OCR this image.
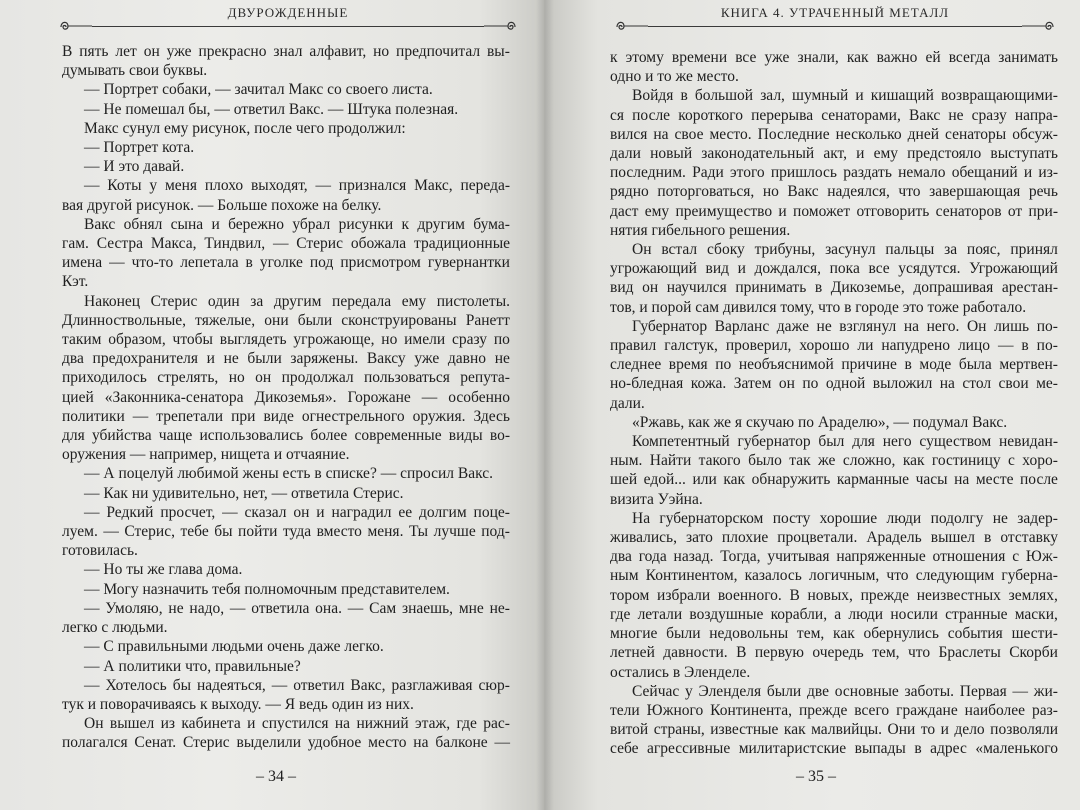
ДВУРОЖДЕННЫЕ
В пять лет он уже прекрасно знал алфавит, но предпочитал вы-
думывать свои буквы.
— Портрет собаки, — зачитал Макс со своего листа.
— Не помешал бы, — ответил Вакс. — Штука полезная.
Макс сунул ему рисунок, после чего продолжил:
— Портрет кота.
— И это давай.
— Коты у меня плохо выходят, — признался Макс, переда-
вая другой рисунок. — Больше похоже на белку.
Вакс обнял сына и бережно убрал рисунки к другим бума-
гам. Сестра Макса, Тиндвил, — Стерис обожала традиционные
имена — что-то лепетала в уголке под присмотром гувернантки
Кэт.
Наконец Стерис один за другим передала ему пистолеты.
Длинноствольные, тяжелые, они были сконструированы Ранетт
таким образом, чтобы выглядеть угрожающе, но имели сразу по
два предохранителя и не были заряжены. Ваксу уже давно не
приходилось стрелять, но он продолжал пользоваться репута-
цией «Законника-сенатора Дикоземья». Горожане — особенно
политики — трепетали при виде огнестрельного оружия. Здесь
для убийства чаще использовались более современные виды во-
оружения — например, нищета и отчаяние.
— А поцелуй любимой жены есть в списке? — спросил Вакс.
— Как ни удивительно, нет, — ответила Стерис.
— Редкий просчет, — сказал он и наградил ее долгим поце-
луем. — Стерис, тебе бы пойти туда вместо меня. Ты лучше под-
готовилась.
— Но ты же глава дома.
— Могу назначить тебя полномочным представителем.
— Умоляю, не надо, — ответила она. — Сам знаешь, мне не-
легко с людьми.
— С правильными людьми очень даже легко.
— А политики что, правильные?
— Хотелось бы надеяться, — ответил Вакс, разглаживая сюр-
тук и поворачиваясь к выходу. — Я ведь один из них.
Он вышел из кабинета и спустился на нижний этаж, где рас-
полагался Сенат. Стерис выделили удобное место на балконе —
– 34 –
КНИГА 4. УТРАЧЕННЫЙ МЕТАЛЛ
к этому времени все уже знали, как важно ей всегда занимать
одно и то же место.
Войдя в большой зал, шумный и кишащий возвращающими-
ся после короткого перерыва сенаторами, Вакс не сразу напра-
вился на свое место. Последние несколько дней сенаторы обсуж-
дали новый законодательный акт, и ему предстояло выступать
последним. Ради этого пришлось раздать немало обещаний и из-
рядно поторговаться, но Вакс надеялся, что завершающая речь
даст ему преимущество и поможет отговорить сенаторов от при-
нятия гибельного решения.
Он встал сбоку трибуны, засунул пальцы за пояс, принял
угрожающий вид и дождался, пока все усядутся. Угрожающий
вид он научился принимать в Дикоземье, допрашивая арестан-
тов, и порой сам дивился тому, что в городе это тоже работало.
Губернатор Варланс даже не взглянул на него. Он лишь по-
правил галстук, проверил, хорошо ли напудрено лицо — в по-
следнее время по необъяснимой причине в моде была мертвен-
но-бледная кожа. Затем он по одной выложил на стол свои ме-
дали.
«Ржавь, как же я скучаю по Араделю», — подумал Вакс.
Компетентный губернатор был для него существом невидан-
ным. Найти такого было так же сложно, как гостиницу с хоро-
шей едой... или как обнаружить карманные часы на месте после
визита Уэйна.
На губернаторском посту хорошие люди подолгу не задер-
живались, зато плохие процветали. Арадель вышел в отставку
два года назад. Тогда, учитывая напряженные отношения с Юж-
ным Континентом, казалось логичным, что следующим губерна-
тором избрали военного. В новых, прежде неизвестных землях,
где летали воздушные корабли, а люди носили странные маски,
многие были недовольны тем, как обернулись события шести-
летней давности. В первую очередь тем, что Браслеты Скорби
остались в Эленделе.
Сейчас у Эленделя были две основные заботы. Первая — жи-
тели Южного Континента, прежде всего граждане наиболее раз-
витой страны, известные как малвийцы. Они то и дело позволяли
себе агрессивные милитаристские выпады в адрес «маленького
– 35 –
